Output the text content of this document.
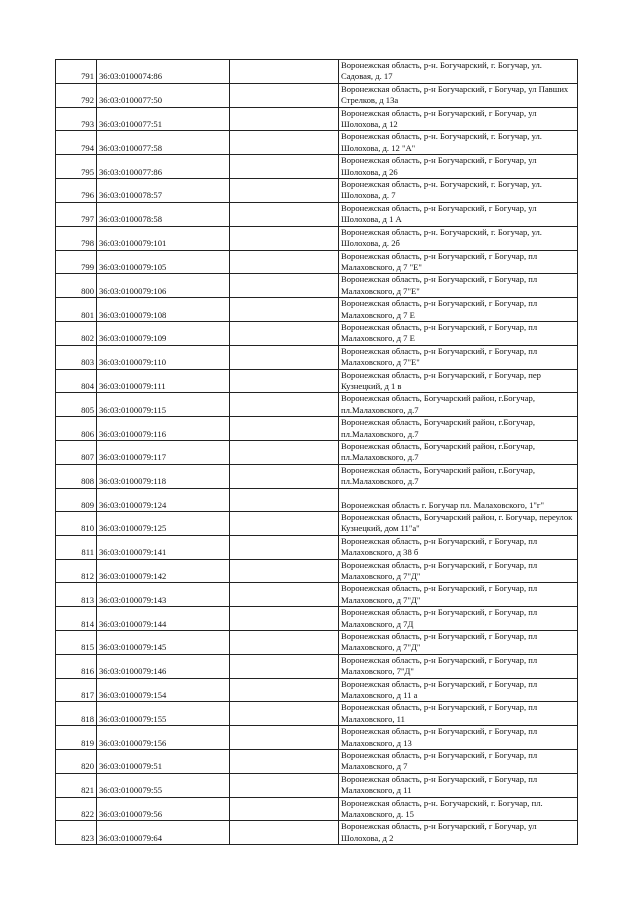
791	36:03:0100074:86		Воронежская область, р-н. Богучарский, г. Богучар, ул. Садовая, д. 17

792	36:03:0100077:50		Воронежская область, р-н Богучарский, г Богучар, ул Павших Стрелков, д 13а

793	36:03:0100077:51		Воронежская область, р-н Богучарский, г Богучар, ул Шолохова, д 12

794	36:03:0100077:58		Воронежская область, р-н. Богучарский, г. Богучар, ул. Шолохова, д. 12 "А"

795	36:03:0100077:86		Воронежская область, р-н Богучарский, г Богучар, ул Шолохова, д 26

796	36:03:0100078:57		Воронежская область, р-н. Богучарский, г. Богучар, ул. Шолохова, д. 7

797	36:03:0100078:58		Воронежская область, р-н Богучарский, г Богучар, ул Шолохова, д 1 А

798	36:03:0100079:101		Воронежская область, р-н. Богучарский, г. Богучар, ул. Шолохова, д. 2б

799	36:03:0100079:105		Воронежская область, р-н Богучарский, г Богучар, пл Малаховского, д 7 "Е"

800	36:03:0100079:106		Воронежская область, р-н Богучарский, г Богучар, пл Малаховского, д 7"Е"

801	36:03:0100079:108		Воронежская область, р-н Богучарский, г Богучар, пл Малаховского, д 7 Е

802	36:03:0100079:109		Воронежская область, р-н Богучарский, г Богучар, пл Малаховского, д 7 Е

803	36:03:0100079:110		Воронежская область, р-н Богучарский, г Богучар, пл Малаховского, д 7"Е"

804	36:03:0100079:111		Воронежская область, р-н Богучарский, г Богучар, пер Кузнецкий, д 1 в

805	36:03:0100079:115		Воронежская область, Богучарский район, г.Богучар, пл.Малаховского, д.7

806	36:03:0100079:116		Воронежская область, Богучарский район, г.Богучар, пл.Малаховского, д.7

807	36:03:0100079:117		Воронежская область, Богучарский район, г.Богучар, пл.Малаховского, д.7

808	36:03:0100079:118		Воронежская область, Богучарский район, г.Богучар, пл.Малаховского, д.7

809	36:03:0100079:124		Воронежская область г. Богучар пл. Малаховского, 1"г"

810	36:03:0100079:125		Воронежская область, Богучарский район, г. Богучар, переулок Кузнецкий, дом 11"а"

811	36:03:0100079:141		Воронежская область, р-н Богучарский, г Богучар, пл Малаховского, д 38 б

812	36:03:0100079:142		Воронежская область, р-н Богучарский, г Богучар, пл Малаховского, д 7"Д"

813	36:03:0100079:143		Воронежская область, р-н Богучарский, г Богучар, пл Малаховского, д 7"Д"

814	36:03:0100079:144		Воронежская область, р-н Богучарский, г Богучар, пл Малаховского, д 7Д

815	36:03:0100079:145		Воронежская область, р-н Богучарский, г Богучар, пл Малаховского, д 7"Д"

816	36:03:0100079:146		Воронежская область, р-н Богучарский, г Богучар, пл Малаховского, 7"Д"

817	36:03:0100079:154		Воронежская область, р-н Богучарский, г Богучар, пл Малаховского, д 11 а

818	36:03:0100079:155		Воронежская область, р-н Богучарский, г Богучар, пл Малаховского, 11

819	36:03:0100079:156		Воронежская область, р-н Богучарский, г Богучар, пл Малаховского, д 13

820	36:03:0100079:51		Воронежская область, р-н Богучарский, г Богучар, пл Малаховского, д 7

821	36:03:0100079:55		Воронежская область, р-н Богучарский, г Богучар, пл Малаховского, д 11

822	36:03:0100079:56		Воронежская область, р-н. Богучарский, г. Богучар, пл. Малаховского, д. 15

823	36:03:0100079:64		Воронежская область, р-н Богучарский, г Богучар, ул Шолохова, д 2
